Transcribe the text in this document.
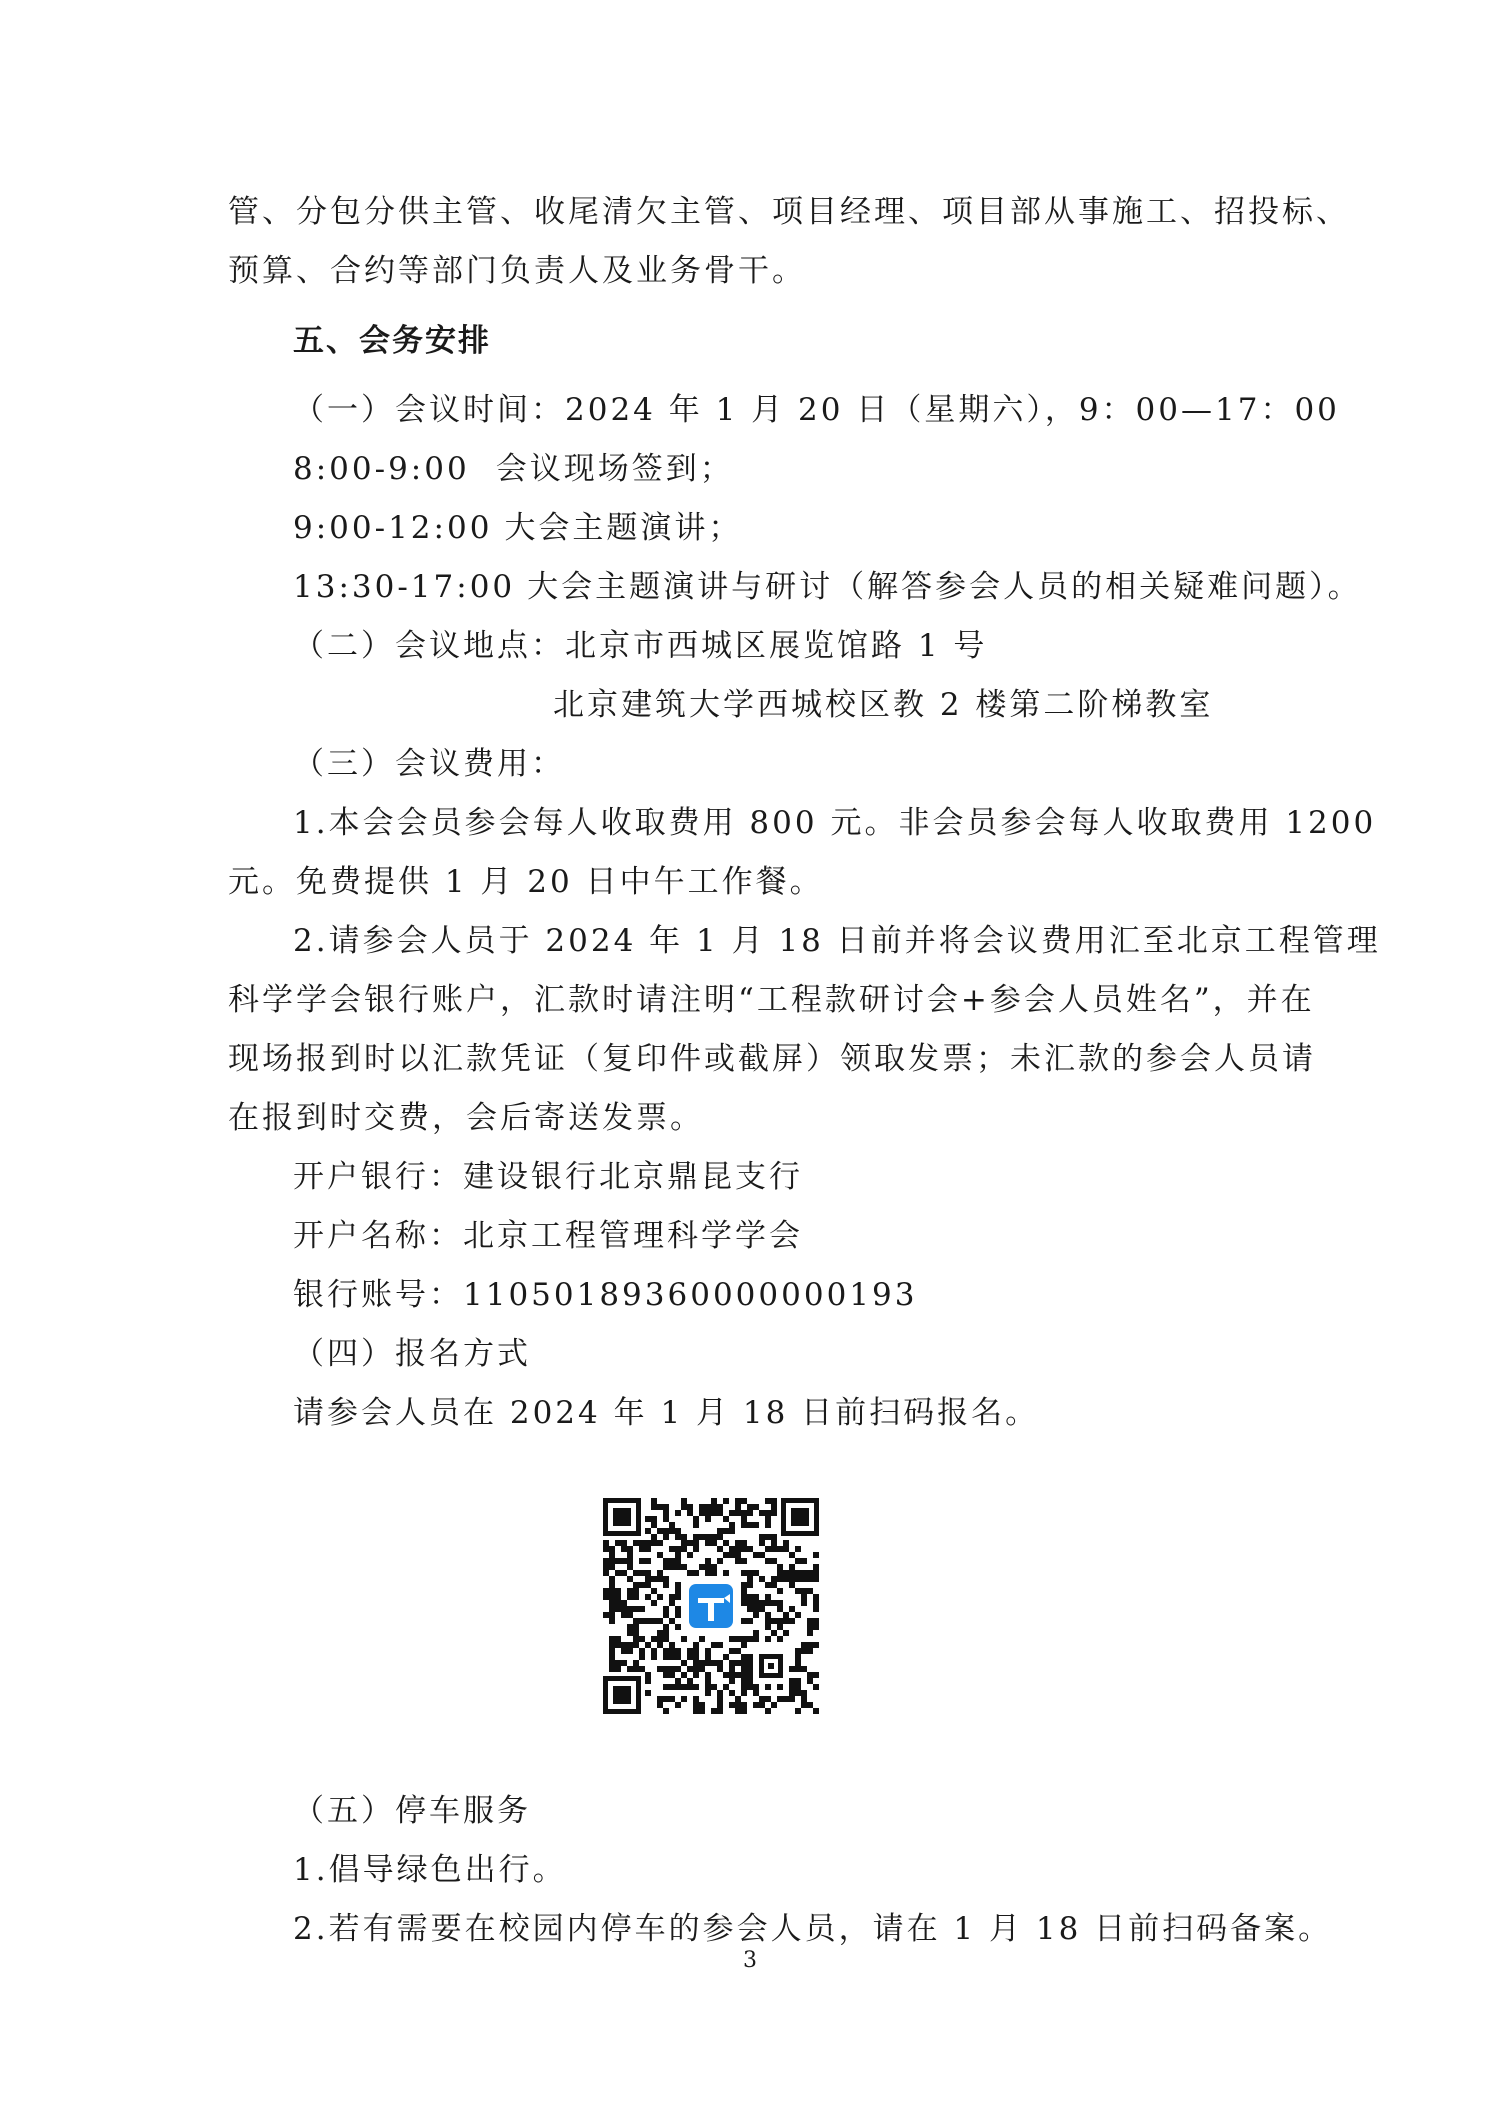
管、分包分供主管、收尾清欠主管、项目经理、项目部从事施工、招投标、
预算、合约等部门负责人及业务骨干。
五、会务安排
（一）会议时间：2024 年 1 月 20 日（星期六），9：00—17：00
8:00-9:00 会议现场签到；
9:00-12:00 大会主题演讲；
13:30-17:00 大会主题演讲与研讨（解答参会人员的相关疑难问题）。
（二）会议地点：北京市西城区展览馆路 1 号
北京建筑大学西城校区教 2 楼第二阶梯教室
（三）会议费用：
1.本会会员参会每人收取费用 800 元。非会员参会每人收取费用 1200
元。免费提供 1 月 20 日中午工作餐。
2.请参会人员于 2024 年 1 月 18 日前并将会议费用汇至北京工程管理
科学学会银行账户，汇款时请注明“工程款研讨会+参会人员姓名”，并在
现场报到时以汇款凭证（复印件或截屏）领取发票；未汇款的参会人员请
在报到时交费，会后寄送发票。
开户银行：建设银行北京鼎昆支行
开户名称：北京工程管理科学学会
银行账号：11050189360000000193
（四）报名方式
请参会人员在 2024 年 1 月 18 日前扫码报名。
（五）停车服务
1.倡导绿色出行。
2.若有需要在校园内停车的参会人员，请在 1 月 18 日前扫码备案。
3
